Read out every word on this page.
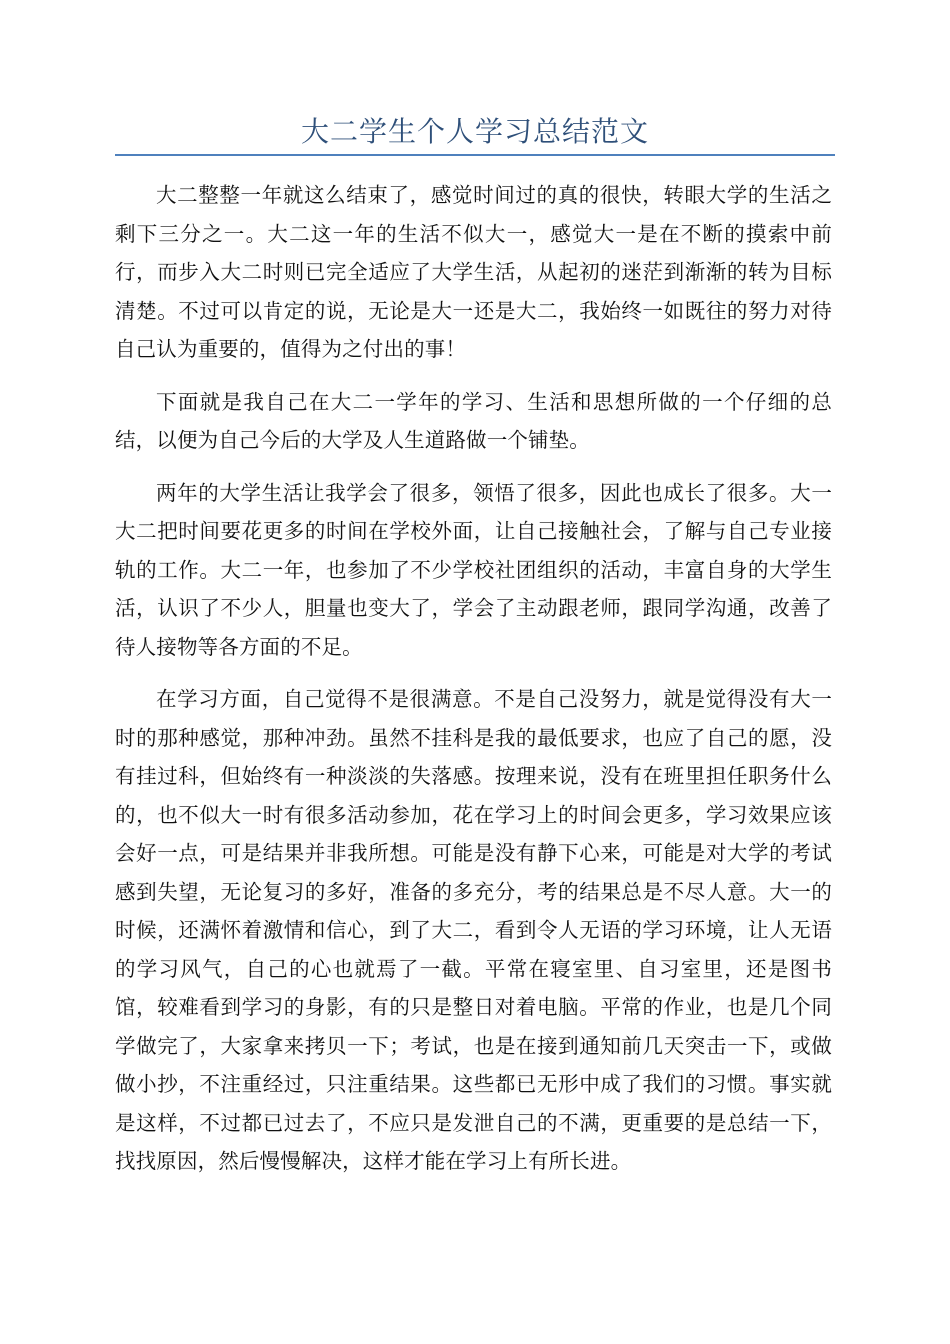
大二学生个人学习总结范文

大二整整一年就这么结束了，感觉时间过的真的很快，转眼大学的生活之剩下三分之一。大二这一年的生活不似大一，感觉大一是在不断的摸索中前行，而步入大二时则已完全适应了大学生活，从起初的迷茫到渐渐的转为目标清楚。不过可以肯定的说，无论是大一还是大二，我始终一如既往的努力对待自己认为重要的，值得为之付出的事！

下面就是我自己在大二一学年的学习、生活和思想所做的一个仔细的总结，以便为自己今后的大学及人生道路做一个铺垫。

两年的大学生活让我学会了很多，领悟了很多，因此也成长了很多。大一大二把时间要花更多的时间在学校外面，让自己接触社会，了解与自己专业接轨的工作。大二一年，也参加了不少学校社团组织的活动，丰富自身的大学生活，认识了不少人，胆量也变大了，学会了主动跟老师，跟同学沟通，改善了待人接物等各方面的不足。

在学习方面，自己觉得不是很满意。不是自己没努力，就是觉得没有大一时的那种感觉，那种冲劲。虽然不挂科是我的最低要求，也应了自己的愿，没有挂过科，但始终有一种淡淡的失落感。按理来说，没有在班里担任职务什么的，也不似大一时有很多活动参加，花在学习上的时间会更多，学习效果应该会好一点，可是结果并非我所想。可能是没有静下心来，可能是对大学的考试感到失望，无论复习的多好，准备的多充分，考的结果总是不尽人意。大一的时候，还满怀着激情和信心，到了大二，看到令人无语的学习环境，让人无语的学习风气，自己的心也就焉了一截。平常在寝室里、自习室里，还是图书馆，较难看到学习的身影，有的只是整日对着电脑。平常的作业，也是几个同学做完了，大家拿来拷贝一下；考试，也是在接到通知前几天突击一下，或做做小抄，不注重经过，只注重结果。这些都已无形中成了我们的习惯。事实就是这样，不过都已过去了，不应只是发泄自己的不满，更重要的是总结一下，找找原因，然后慢慢解决，这样才能在学习上有所长进。
